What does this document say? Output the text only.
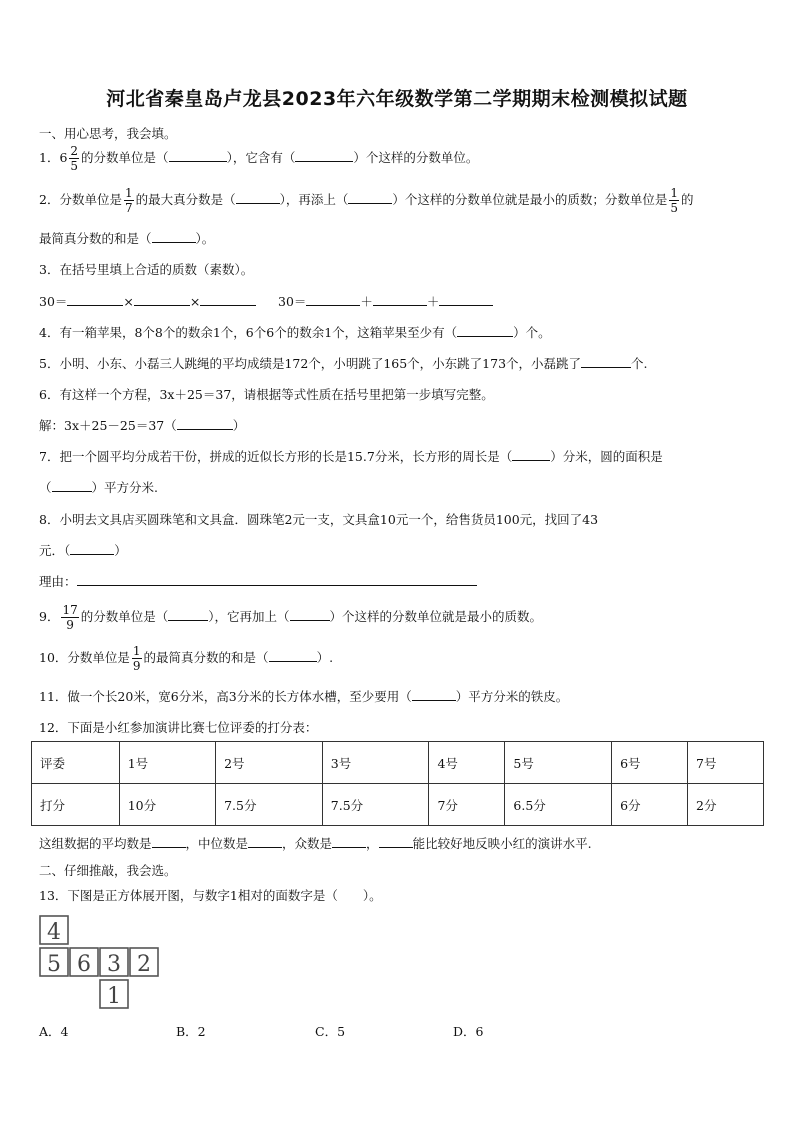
河北省秦皇岛卢龙县2023年六年级数学第二学期期末检测模拟试题
一、用心思考，我会填。
1．$6 \frac{2}{5}$ 的分数单位是（	），它含有（	）个这样的分数单位。
2．分数单位是 $\frac{1}{7}$ 的最大真分数是（	），再添上（	）个这样的分数单位就是最小的质数；分数单位是 $\frac{1}{5}$ 的
最简真分数的和是（	）。
3．在括号里填上合适的质数（素数）。
30＝	×	×	30＝	＋	＋
4．有一箱苹果，8个8个的数余1个，6个6个的数余1个，这箱苹果至少有（	）个。
5．小明、小东、小磊三人跳绳的平均成绩是172个，小明跳了165个，小东跳了173个，小磊跳了	个.
6．有这样一个方程，3x＋25＝37，请根据等式性质在括号里把第一步填写完整。
解：3x＋25－25＝37（	）
7．把一个圆平均分成若干份，拼成的近似长方形的长是15.7分米，长方形的周长是（	）分米，圆的面积是
（	）平方分米.
8．小明去文具店买圆珠笔和文具盒．圆珠笔2元一支，文具盒10元一个，给售货员100元，找回了43
元．（	）
理由：
9． $\frac{17}{9}$ 的分数单位是（	），它再加上（	）个这样的分数单位就是最小的质数。
10．分数单位是 $\frac{1}{9}$ 的最简真分数的和是（	）.
11．做一个长20米，宽6分米，高3分米的长方体水槽，至少要用（	）平方分米的铁皮。
12．下面是小红参加演讲比赛七位评委的打分表：
评委	1号	2号	3号	4号	5号	6号	7号
打分	10分	7.5分	7.5分	7分	6.5分	6分	2分
这组数据的平均数是	，中位数是	，众数是	，	能比较好地反映小红的演讲水平.
二、仔细推敲，我会选。
13．下图是正方体展开图，与数字1相对的面数字是（　　）。
4
5 6 3 2
1
A．4	B．2	C．5	D．6
